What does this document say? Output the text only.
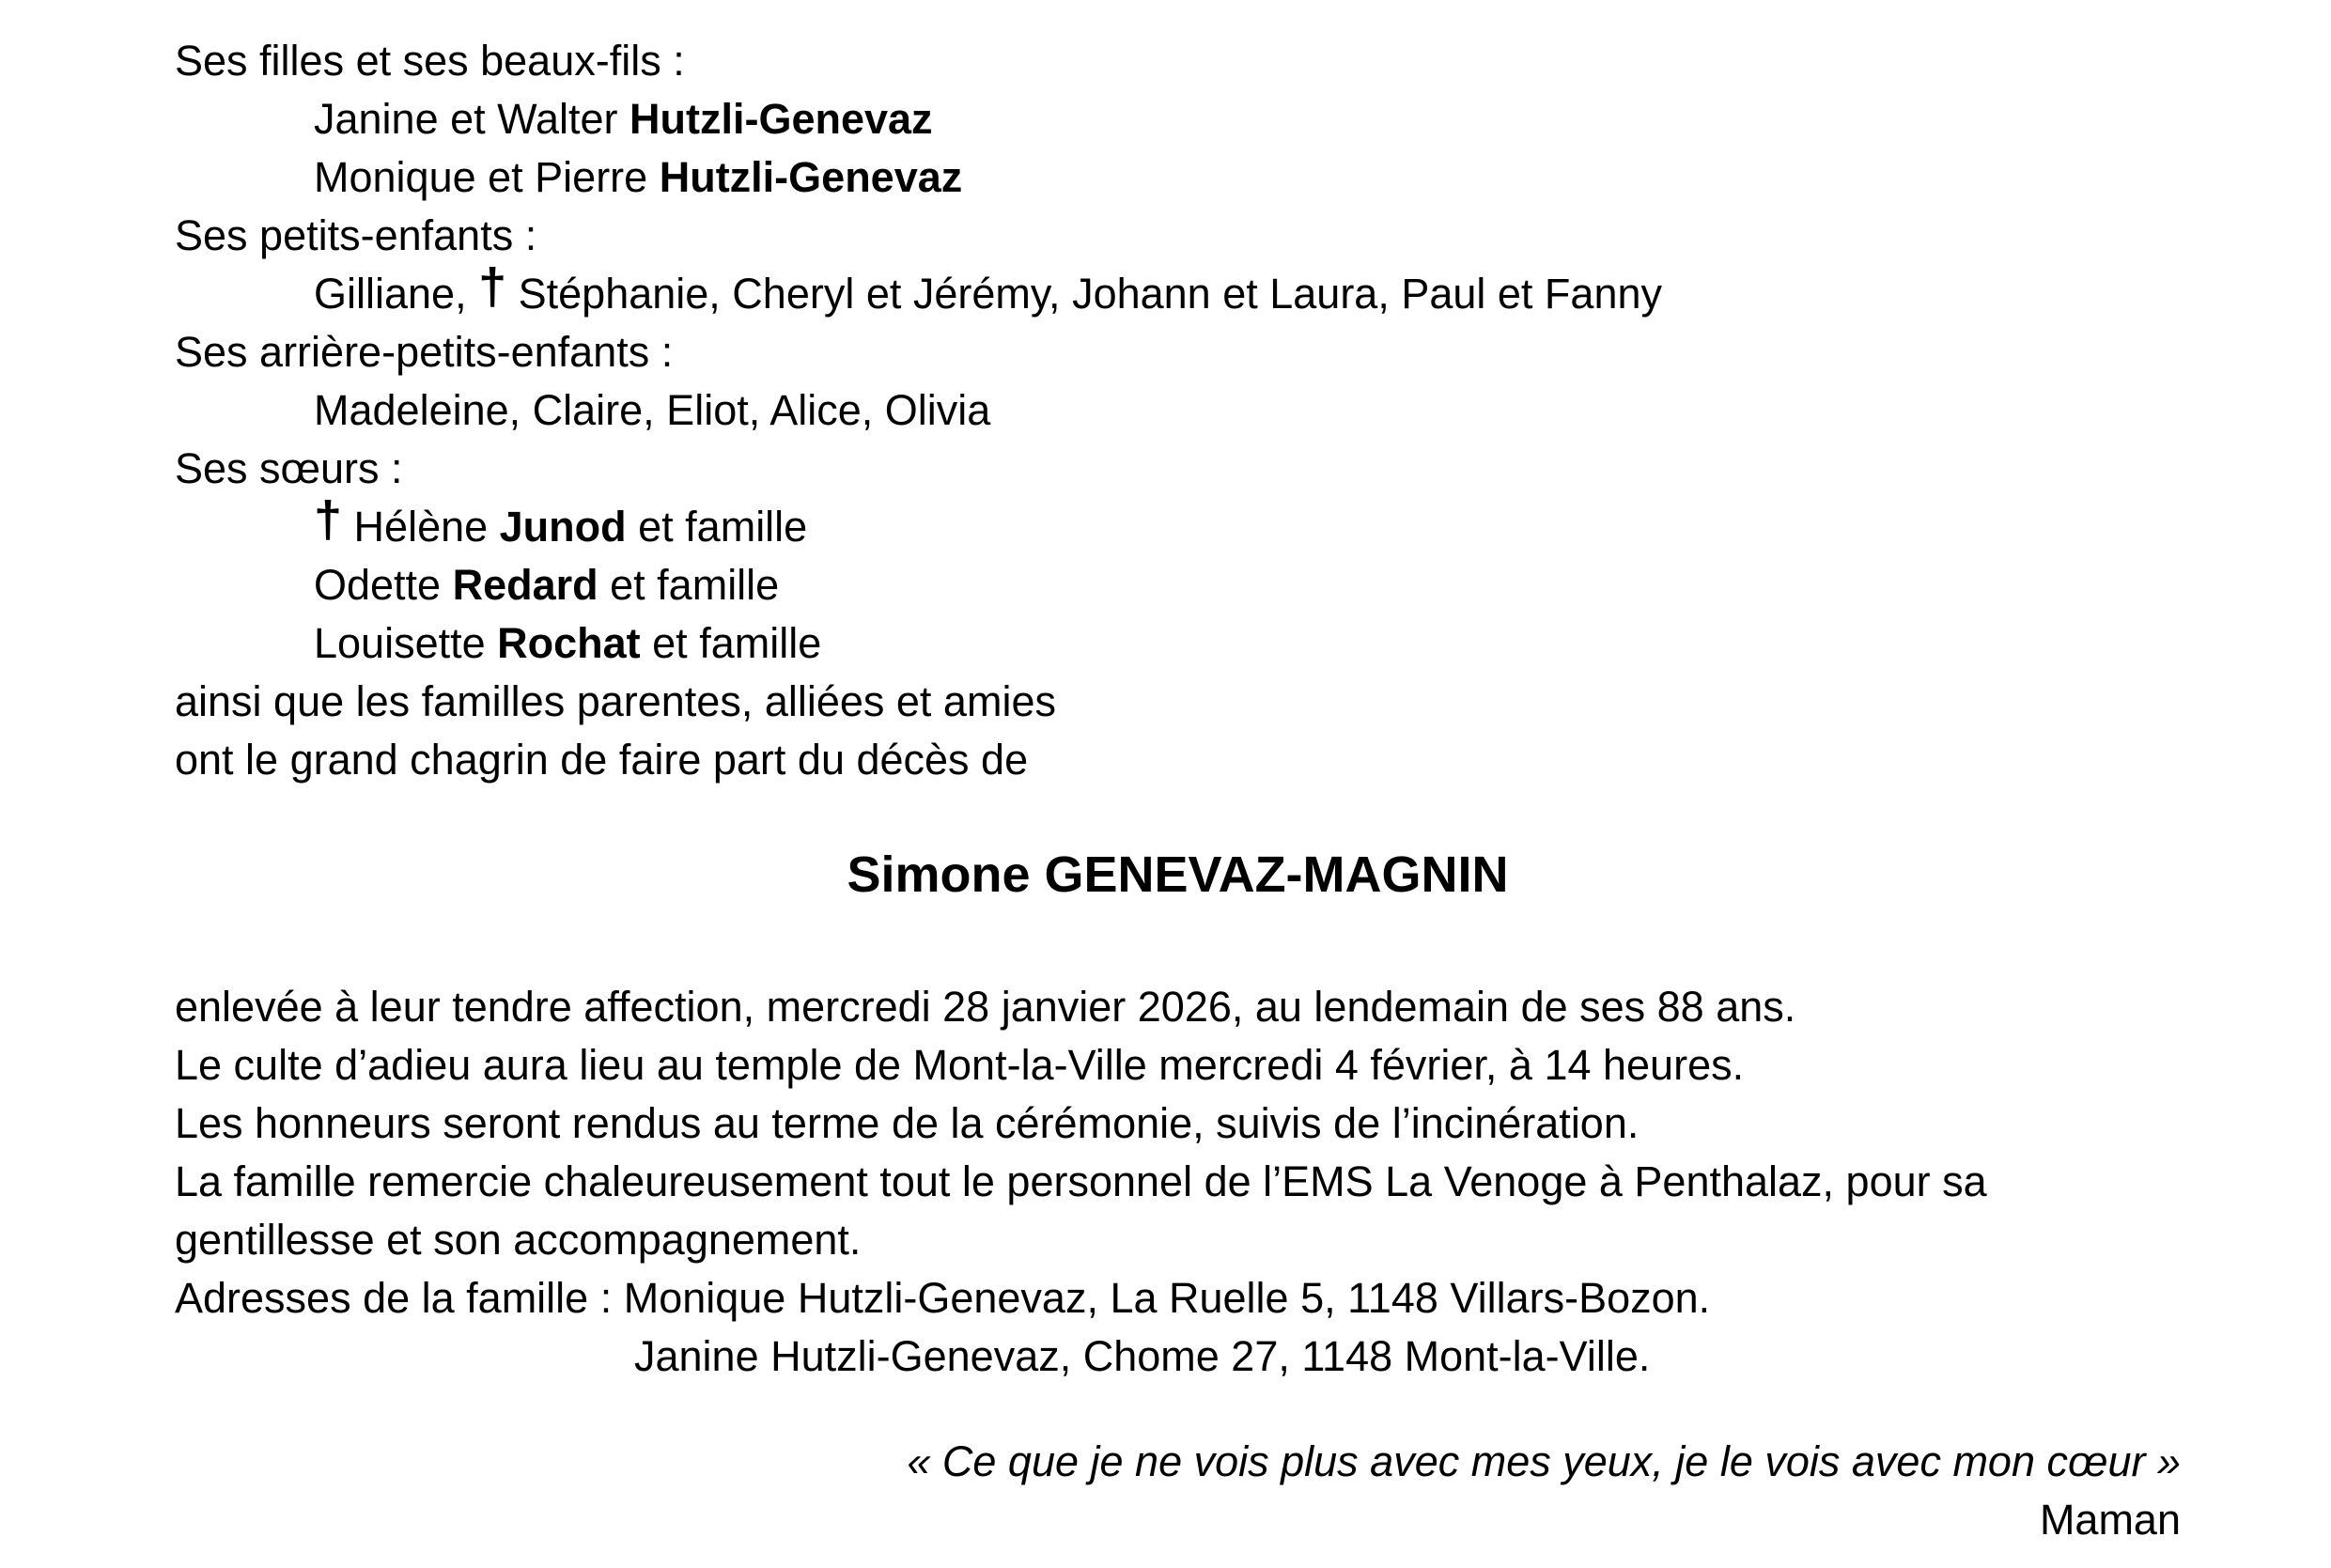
Ses filles et ses beaux-fils :
Janine et Walter Hutzli-Genevaz
Monique et Pierre Hutzli-Genevaz
Ses petits-enfants :
Gilliane, † Stéphanie, Cheryl et Jérémy, Johann et Laura, Paul et Fanny
Ses arrière-petits-enfants :
Madeleine, Claire, Eliot, Alice, Olivia
Ses sœurs :
† Hélène Junod et famille
Odette Redard et famille
Louisette Rochat et famille
ainsi que les familles parentes, alliées et amies
ont le grand chagrin de faire part du décès de
Simone GENEVAZ-MAGNIN
enlevée à leur tendre affection, mercredi 28 janvier 2026, au lendemain de ses 88 ans.
Le culte d’adieu aura lieu au temple de Mont-la-Ville mercredi 4 février, à 14 heures.
Les honneurs seront rendus au terme de la cérémonie, suivis de l’incinération.
La famille remercie chaleureusement tout le personnel de l’EMS La Venoge à Penthalaz, pour sa
gentillesse et son accompagnement.
Adresses de la famille : Monique Hutzli-Genevaz, La Ruelle 5, 1148 Villars-Bozon.
Janine Hutzli-Genevaz, Chome 27, 1148 Mont-la-Ville.
« Ce que je ne vois plus avec mes yeux, je le vois avec mon cœur »
Maman
